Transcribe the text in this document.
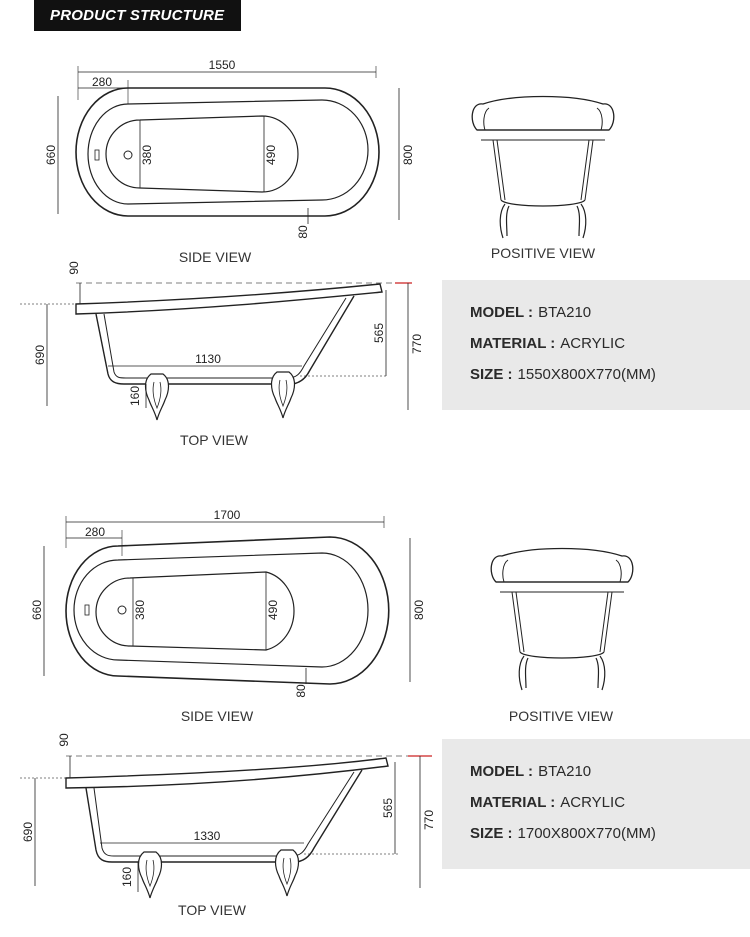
PRODUCT STRUCTURE
1550
280
660	380	490	800
80
SIDE VIEW	POSITIVE VIEW
690
90
1130
565
770
160
TOP VIEW
1700
280
660	380	490	800
80
SIDE VIEW	POSITIVE VIEW
690
90
1330
565
770
160
TOP VIEW
MODEL : BTA210
MATERIAL : ACRYLIC
SIZE : 1550X800X770(MM)
MODEL : BTA210
MATERIAL : ACRYLIC
SIZE : 1700X800X770(MM)
